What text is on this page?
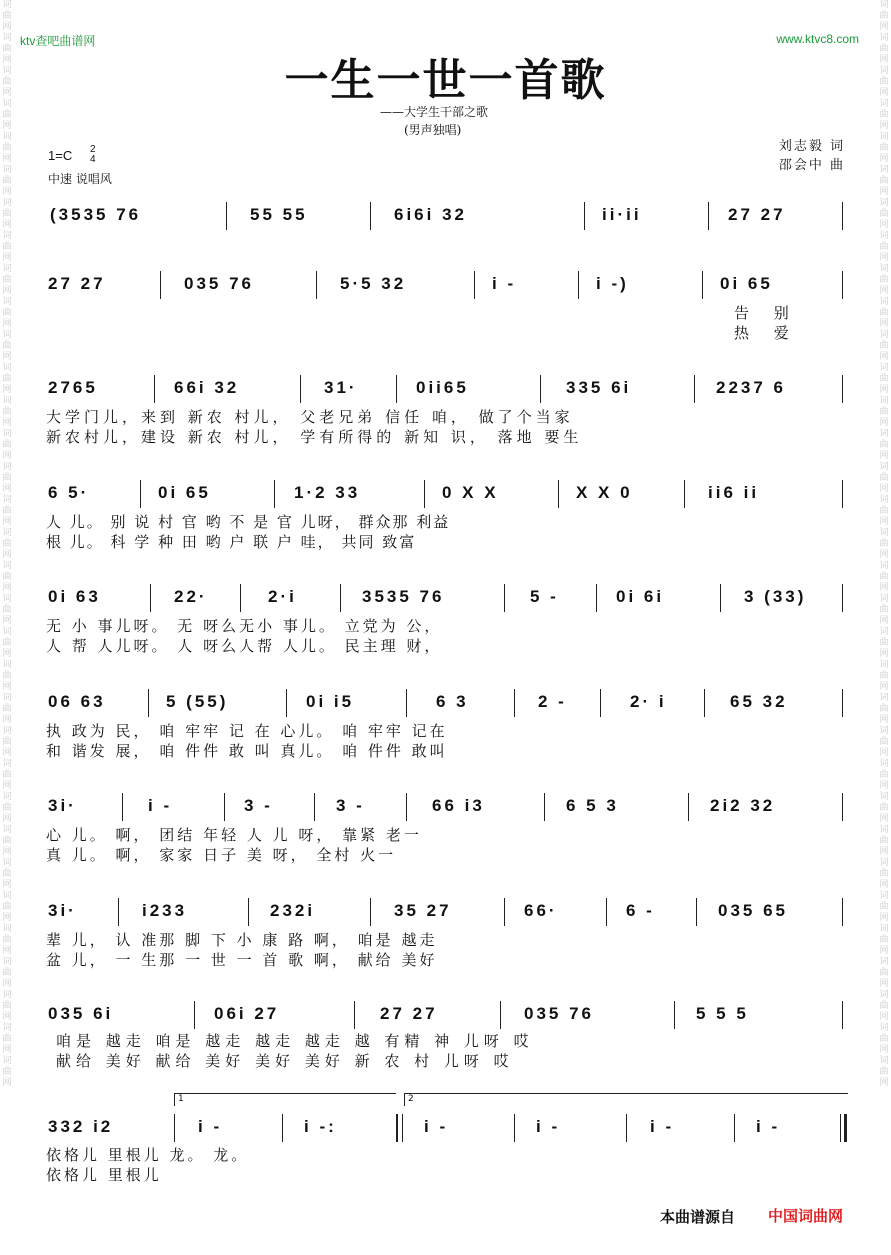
词曲网词曲网词曲网词曲网词曲网词曲网词曲网词曲网词曲网词曲网词曲网词曲网词曲网词曲网词曲网词曲网词曲网词曲网词曲网词曲网词曲网词曲网词曲网词曲网词曲网词曲网词曲网词曲网词曲网词曲网词曲网词曲网词曲网
词曲网词曲网词曲网词曲网词曲网词曲网词曲网词曲网词曲网词曲网词曲网词曲网词曲网词曲网词曲网词曲网词曲网词曲网词曲网词曲网词曲网词曲网词曲网词曲网词曲网词曲网词曲网词曲网词曲网词曲网词曲网词曲网词曲网
ktv查吧曲谱网	www.ktvc8.com
一生一世一首歌
——大学生干部之歌
(男声独唱)
刘志毅 词
邵会中 曲
1=C 2
4
中速 说唱风
(3535 76	55 55	6i6i 32	ii·ii	27 27
27 27	035 76	5·5 32	i -	i -)	0i 65
告 别
热 爱
2765	66i 32	31·	0ii65	335 6i	2237 6
大学门儿，来到 新农 村儿， 父老兄弟 信任 咱， 做了个当家
新农村儿，建设 新农 村儿， 学有所得的 新知 识， 落地 要生
6 5·	0i 65	1·2 33	0 X X	X X 0	ii6 ii
人 儿。 别 说 村 官 哟 不 是 官 儿呀， 群众那 利益
根 儿。 科 学 种 田 哟 户 联 户 哇， 共同 致富
0i 63	22·	2·i	3535 76	5 -	0i 6i	3 (33)
无 小 事儿呀。 无 呀么无小 事儿。 立党为 公，
人 帮 人儿呀。 人 呀么人帮 人儿。 民主理 财，
06 63	5 (55)	0i i5	6 3	2 -	2· i	65 32
执 政为 民， 咱 牢牢 记 在 心儿。 咱 牢牢 记在
和 谐发 展， 咱 件件 敢 叫 真儿。 咱 件件 敢叫
3i·	i -	3 -	3 -	66 i3	6 5 3	2i2 32
心 儿。 啊， 团结 年轻 人 儿 呀， 靠紧 老一
真 儿。 啊， 家家 日子 美 呀， 全村 火一
3i·	i233	232i	35 27	66·	6 -	035 65
辈 儿， 认 准那 脚 下 小 康 路 啊， 咱是 越走
盆 儿， 一 生那 一 世 一 首 歌 啊， 献给 美好
035 6i	06i 27	27 27	035 76	5 5 5
咱是 越走 咱是 越走 越走 越走 越 有精 神 儿呀 哎
献给 美好 献给 美好 美好 美好 新 农 村 儿呀 哎
1	2
332 i2	i -	i -:	i -	i -	i -	i -
依格儿 里根儿 龙。 龙。
依格儿 里根儿
本曲谱源自 中国词曲网
